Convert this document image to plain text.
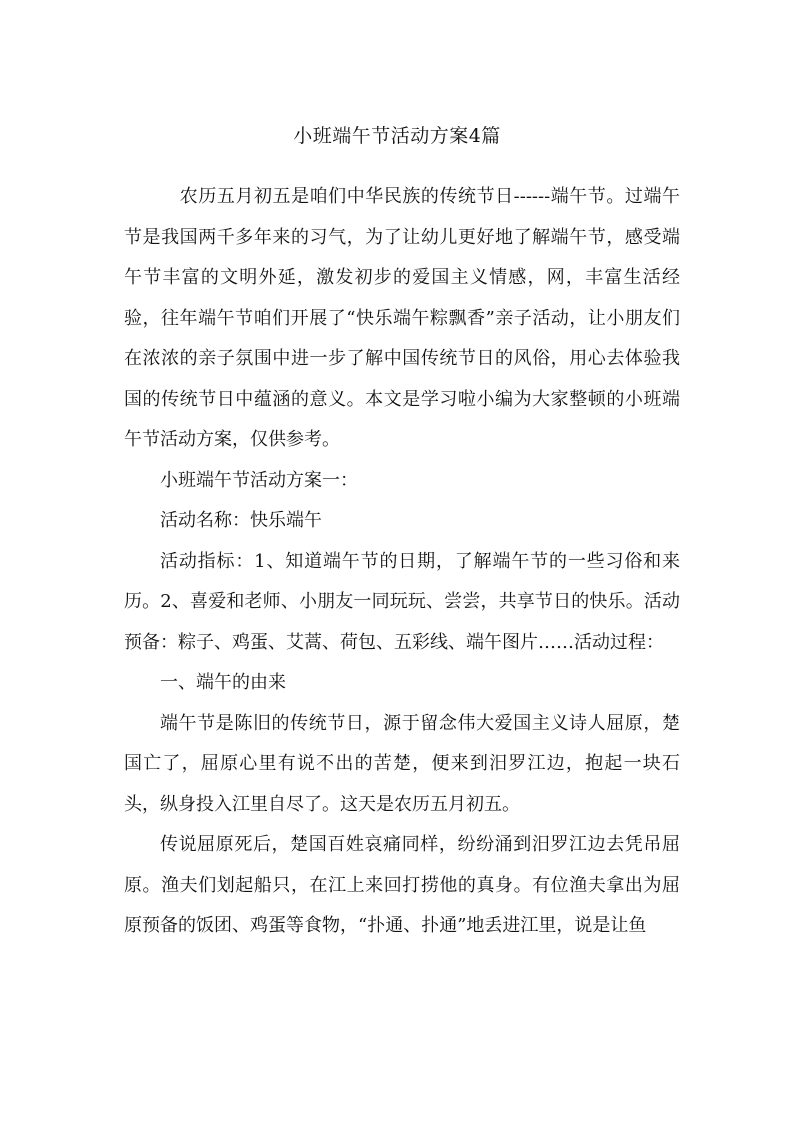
小班端午节活动方案4篇

农历五月初五是咱们中华民族的传统节日------端午节。过端午节是我国两千多年来的习气，为了让幼儿更好地了解端午节，感受端午节丰富的文明外延，激发初步的爱国主义情感，网，丰富生活经验，往年端午节咱们开展了“快乐端午粽飘香”亲子活动，让小朋友们在浓浓的亲子氛围中进一步了解中国传统节日的风俗，用心去体验我国的传统节日中蕴涵的意义。本文是学习啦小编为大家整顿的小班端午节活动方案，仅供参考。

小班端午节活动方案一：

活动名称：快乐端午

活动指标：1、知道端午节的日期，了解端午节的一些习俗和来历。2、喜爱和老师、小朋友一同玩玩、尝尝，共享节日的快乐。活动预备：粽子、鸡蛋、艾蒿、荷包、五彩线、端午图片……活动过程：

一、端午的由来

端午节是陈旧的传统节日，源于留念伟大爱国主义诗人屈原，楚国亡了，屈原心里有说不出的苦楚，便来到汨罗江边，抱起一块石头，纵身投入江里自尽了。这天是农历五月初五。

传说屈原死后，楚国百姓哀痛同样，纷纷涌到汨罗江边去凭吊屈原。渔夫们划起船只，在江上来回打捞他的真身。有位渔夫拿出为屈原预备的饭团、鸡蛋等食物，“扑通、扑通”地丢进江里，说是让鱼
